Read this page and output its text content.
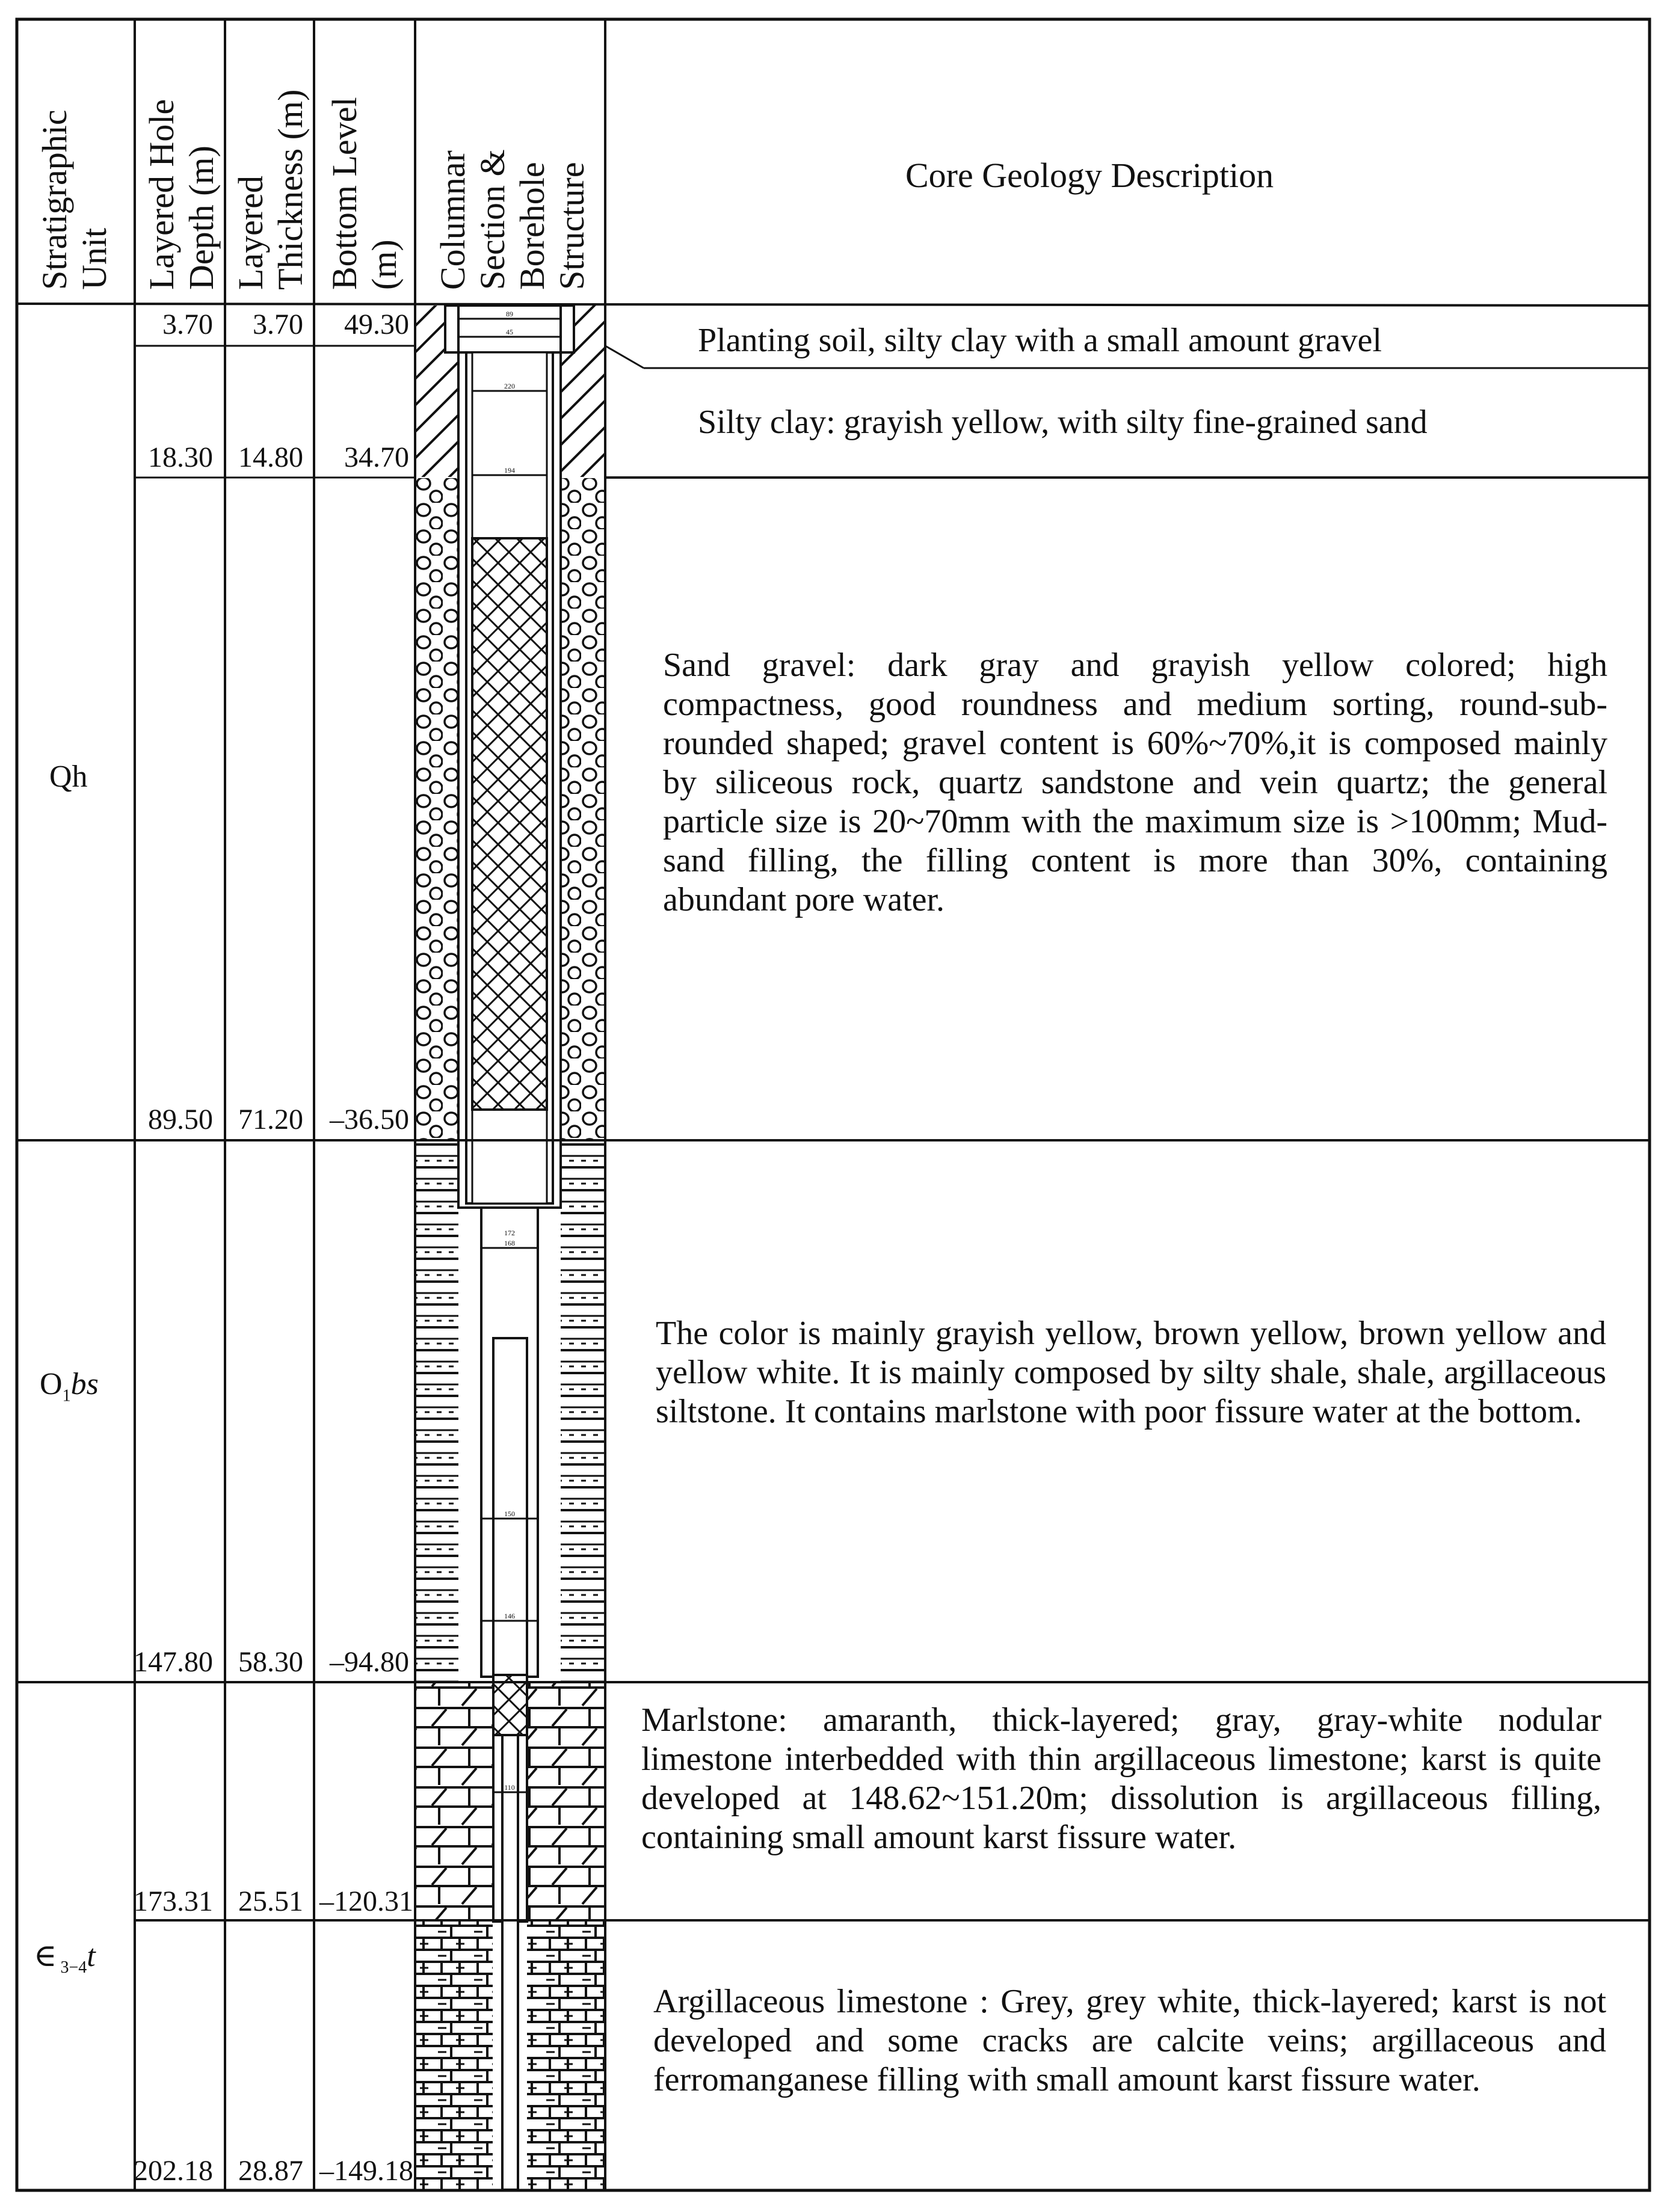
89
45
220
194
172
168
150
146
110
Stratigraphic
Unit Layered Hole
Depth (m)
Layered
Thickness (m)
Bottom Level
(m) Columnar
Section &
Borehole
Structure	Core Geology Description
Qh
$O_1bs$
∈ $_{3-4}$t
3.70 3.70 49.30
18.30 14.80 34.70
89.50 71.20 –36.50
147.80 58.30 –94.80
173.31 25.51 –120.31
202.18 28.87 –149.18
Planting soil, silty clay with a small amount gravel
Silty clay: grayish yellow, with silty fine-grained sand
Sand gravel: dark gray and grayish yellow colored; high compactness, good roundness and medium sorting, round-sub-rounded shaped; gravel content is 60%~70%,it is composed mainly by siliceous rock, quartz sandstone and vein quartz; the general particle size is 20~70mm with the maximum size is >100mm; Mud-sand filling, the filling content is more than 30%, containing abundant pore water.
The color is mainly grayish yellow, brown yellow, brown yellow and yellow white. It is mainly composed by silty shale, shale, argillaceous siltstone. It contains marlstone with poor fissure water at the bottom.
Marlstone: amaranth, thick-layered; gray, gray-white nodular limestone interbedded with thin argillaceous limestone; karst is quite developed at 148.62~151.20m; dissolution is argillaceous filling, containing small amount karst fissure water.
Argillaceous limestone : Grey, grey white, thick-layered; karst is not developed and some cracks are calcite veins; argillaceous and ferromanganese filling with small amount karst fissure water.
